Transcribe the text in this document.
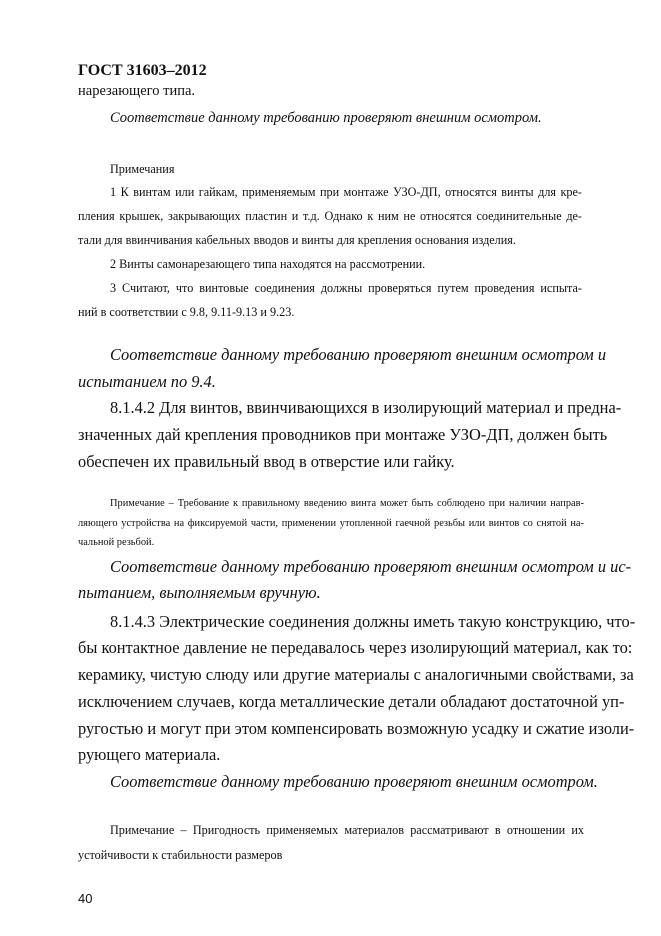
ГОСТ 31603–2012
нарезающего типа.
Соответствие данному требованию проверяют внешним осмотром.
Примечания
1 К винтам или гайкам, применяемым при монтаже УЗО-ДП, относятся винты для кре-
пления крышек, закрывающих пластин и т.д. Однако к ним не относятся соединительные де-
тали для ввинчивания кабельных вводов и винты для крепления основания изделия.
2 Винты самонарезающего типа находятся на рассмотрении.
3 Считают, что винтовые соединения должны проверяться путем проведения испыта-
ний в соответствии с 9.8, 9.11-9.13 и 9.23.
Соответствие данному требованию проверяют внешним осмотром и
испытанием по 9.4.
8.1.4.2 Для винтов, ввинчивающихся в изолирующий материал и предна-
значенных дай крепления проводников при монтаже УЗО-ДП, должен быть
обеспечен их правильный ввод в отверстие или гайку.
Примечание – Требование к правильному введению винта может быть соблюдено при наличии направ-
ляющего устройства на фиксируемой части, применении утопленной гаечной резьбы или винтов со снятой на-
чальной резьбой.
Соответствие данному требованию проверяют внешним осмотром и ис-
пытанием, выполняемым вручную.
8.1.4.3 Электрические соединения должны иметь такую конструкцию, что-
бы контактное давление не передавалось через изолирующий материал, как то:
керамику, чистую слюду или другие материалы с аналогичными свойствами, за
исключением случаев, когда металлические детали обладают достаточной уп-
ругостью и могут при этом компенсировать возможную усадку и сжатие изоли-
рующего материала.
Соответствие данному требованию проверяют внешним осмотром.
Примечание – Пригодность применяемых материалов рассматривают в отношении их
устойчивости к стабильности размеров
40
